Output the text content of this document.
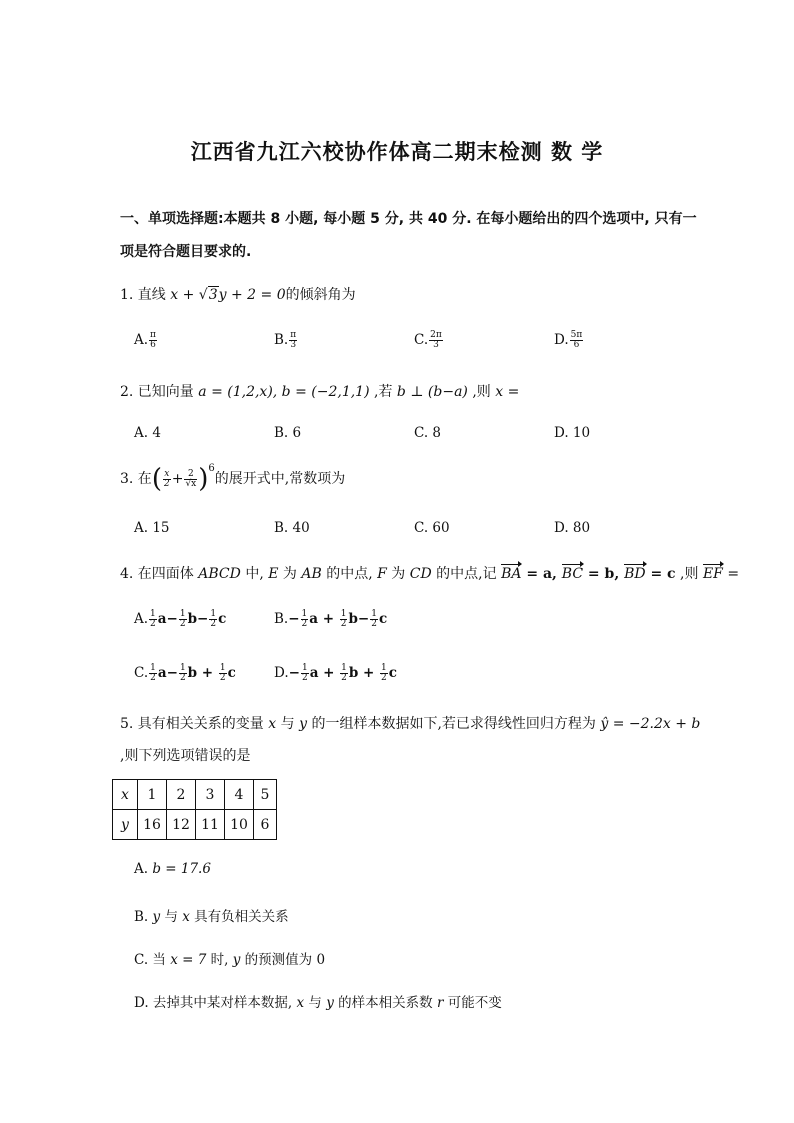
江西省九江六校协作体高二期末检测 数 学
一、单项选择题:本题共 8 小题, 每小题 5 分, 共 40 分. 在每小题给出的四个选项中, 只有一
项是符合题目要求的.
1. 直线 x + √3y + 2 = 0的倾斜角为
A. $\frac{\pi}{6}$	B. $\frac{\pi}{3}$	C. $\frac{2\pi}{3}$	D. $\frac{5\pi}{6}$
2. 已知向量 a = (1,2,x), b = (−2,1,1) ,若 b ⊥ (b−a) ,则 x =
A. 4	B. 6	C. 8	D. 10
3. 在( $\frac{x}{2} + \frac{2}{√x} )^6$的展开式中,常数项为
A. 15	B. 40	C. 60	D. 80
4. 在四面体 ABCD 中, E 为 AB 的中点, F 为 CD 的中点,记 BA = a, BC = b, BD = c ,则 EF =
A. $\frac{1}{2} a- \frac{1}{2} b- \frac{1}{2}$ c	$B.- \frac{1}{2}$ $a + \frac{1}{2} b- \frac{1}{2}$ c
C. $\frac{1}{2} a- \frac{1}{2}$ $b + \frac{1}{2}$ c	$D.- \frac{1}{2}$ $a + \frac{1}{2}$ $b + \frac{1}{2}$ c
5. 具有相关关系的变量 x 与 y 的一组样本数据如下,若已求得线性回归方程为 ŷ = −2.2x + b
,则下列选项错误的是
x	1	2	3	4	5
y	16	12	11	10	6
A. b = 17.6
B. y 与 x 具有负相关关系
C. 当 x = 7 时, y 的预测值为 0
D. 去掉其中某对样本数据, x 与 y 的样本相关系数 r 可能不变
